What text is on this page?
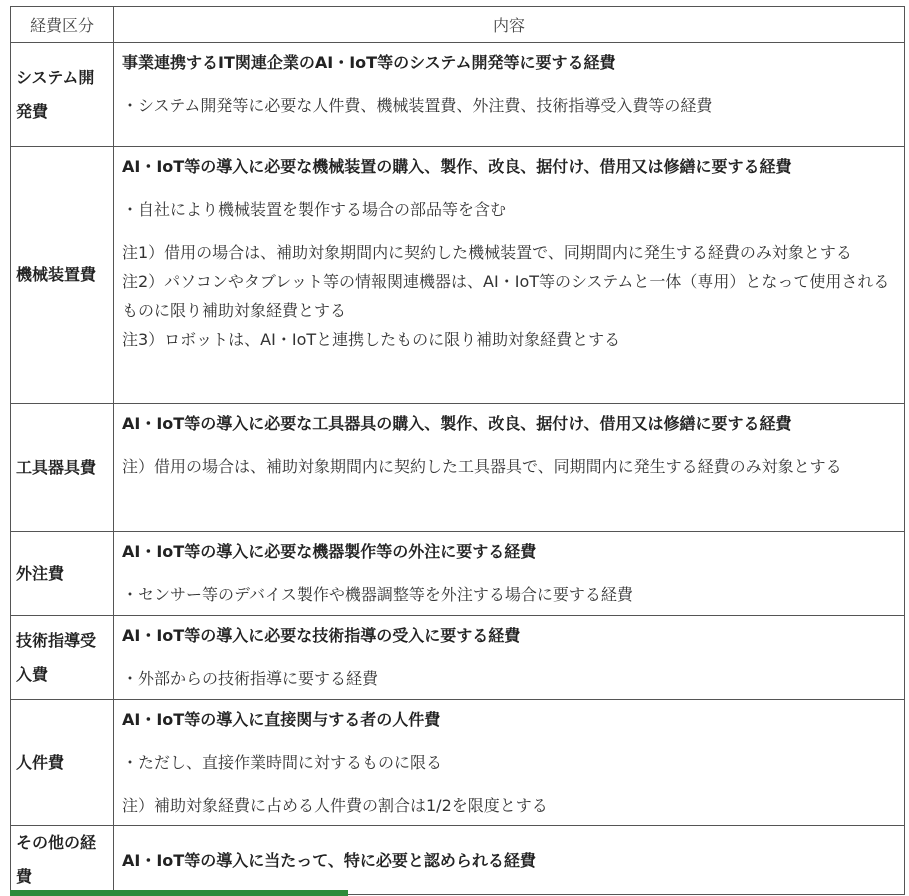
経費区分	内容
システム開発費	事業連携するIT関連企業のAI・IoT等のシステム開発等に要する経費
・システム開発等に必要な人件費、機械装置費、外注費、技術指導受入費等の経費

機械装置費	AI・IoT等の導入に必要な機械装置の購入、製作、改良、据付け、借用又は修繕に要する経費
・自社により機械装置を製作する場合の部品等を含む
注1）借用の場合は、補助対象期間内に契約した機械装置で、同期間内に発生する経費のみ対象とする
注2）パソコンやタブレット等の情報関連機器は、AI・IoT等のシステムと一体（専用）となって使用されるものに限り補助対象経費とする
注3）ロボットは、AI・IoTと連携したものに限り補助対象経費とする

工具器具費	AI・IoT等の導入に必要な工具器具の購入、製作、改良、据付け、借用又は修繕に要する経費
注）借用の場合は、補助対象期間内に契約した工具器具で、同期間内に発生する経費のみ対象とする

外注費	AI・IoT等の導入に必要な機器製作等の外注に要する経費
・センサー等のデバイス製作や機器調整等を外注する場合に要する経費

技術指導受入費	AI・IoT等の導入に必要な技術指導の受入に要する経費
・外部からの技術指導に要する経費

人件費	AI・IoT等の導入に直接関与する者の人件費
・ただし、直接作業時間に対するものに限る
注）補助対象経費に占める人件費の割合は1/2を限度とする

その他の経費	AI・IoT等の導入に当たって、特に必要と認められる経費
